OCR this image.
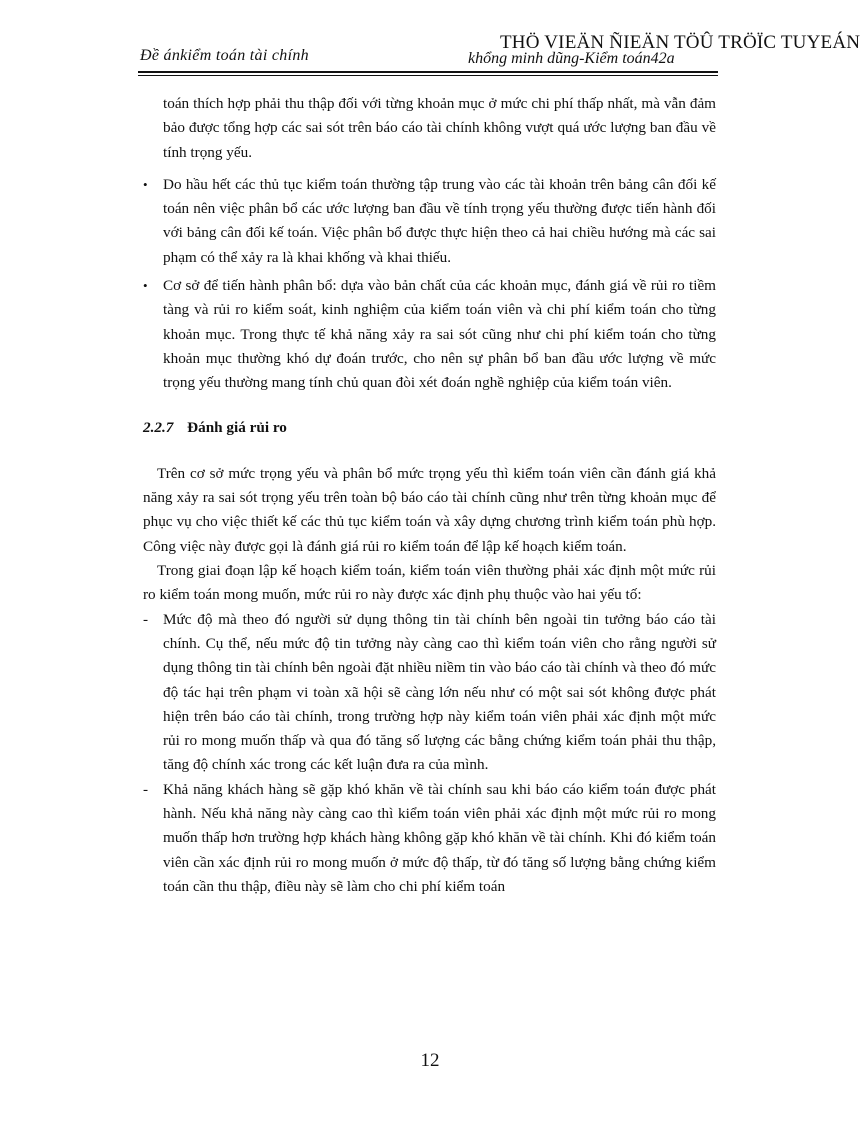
Đề ánkiểm toán tài chính
THÖ VIEÄN ÑIEÄN TÖÛ TRÖÏC TUYEÁN
khổng minh dũng-Kiểm toán42a

toán thích hợp phải thu thập đối với từng khoản mục ở mức chi phí thấp nhất, mà vẫn đảm bảo được tổng hợp các sai sót trên báo cáo tài chính không vượt quá ước lượng ban đầu về tính trọng yếu.

• Do hầu hết các thủ tục kiểm toán thường tập trung vào các tài khoản trên bảng cân đối kế toán nên việc phân bổ các ước lượng ban đầu về tính trọng yếu thường được tiến hành đối với bảng cân đối kế toán. Việc phân bổ được thực hiện theo cả hai chiều hướng mà các sai phạm có thể xảy ra là khai khống và khai thiếu.
• Cơ sở để tiến hành phân bổ: dựa vào bản chất của các khoản mục, đánh giá về rủi ro tiềm tàng và rủi ro kiểm soát, kinh nghiệm của kiểm toán viên và chi phí kiểm toán cho từng khoản mục. Trong thực tế khả năng xảy ra sai sót cũng như chi phí kiểm toán cho từng khoản mục thường khó dự đoán trước, cho nên sự phân bổ ban đầu ước lượng về mức trọng yếu thường mang tính chủ quan đòi xét đoán nghề nghiệp của kiểm toán viên.
2.2.7 Đánh giá rủi ro

Trên cơ sở mức trọng yếu và phân bổ mức trọng yếu thì kiểm toán viên cần đánh giá khả năng xảy ra sai sót trọng yếu trên toàn bộ báo cáo tài chính cũng như trên từng khoản mục để phục vụ cho việc thiết kế các thủ tục kiểm toán và xây dựng chương trình kiểm toán phù hợp. Công việc này được gọi là đánh giá rủi ro kiểm toán để lập kế hoạch kiểm toán.

Trong giai đoạn lập kế hoạch kiểm toán, kiểm toán viên thường phải xác định một mức rủi ro kiểm toán mong muốn, mức rủi ro này được xác định phụ thuộc vào hai yếu tố:

- Mức độ mà theo đó người sử dụng thông tin tài chính bên ngoài tin tưởng báo cáo tài chính. Cụ thể, nếu mức độ tin tưởng này càng cao thì kiểm toán viên cho rằng người sử dụng thông tin tài chính bên ngoài đặt nhiều niềm tin vào báo cáo tài chính và theo đó mức độ tác hại trên phạm vi toàn xã hội sẽ càng lớn nếu như có một sai sót không được phát hiện trên báo cáo tài chính, trong trường hợp này kiểm toán viên phải xác định một mức rủi ro mong muốn thấp và qua đó tăng số lượng các bằng chứng kiểm toán phải thu thập, tăng độ chính xác trong các kết luận đưa ra của mình.
- Khả năng khách hàng sẽ gặp khó khăn về tài chính sau khi báo cáo kiểm toán được phát hành. Nếu khả năng này càng cao thì kiểm toán viên phải xác định một mức rủi ro mong muốn thấp hơn trường hợp khách hàng không gặp khó khăn về tài chính. Khi đó kiểm toán viên cần xác định rủi ro mong muốn ở mức độ thấp, từ đó tăng số lượng bằng chứng kiểm toán cần thu thập, điều này sẽ làm cho chi phí kiểm toán
12
